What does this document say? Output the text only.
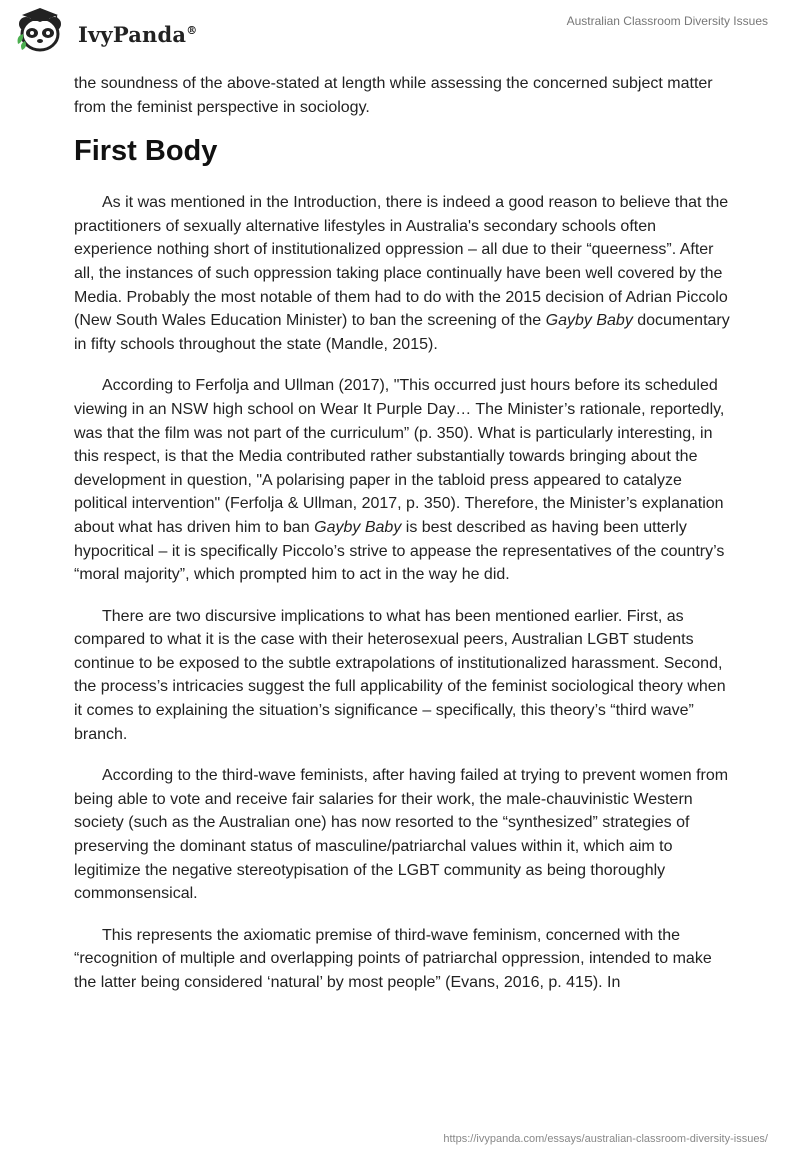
IvyPanda®
Australian Classroom Diversity Issues

the soundness of the above-stated at length while assessing the concerned subject matter from the feminist perspective in sociology.

First Body

As it was mentioned in the Introduction, there is indeed a good reason to believe that the practitioners of sexually alternative lifestyles in Australia's secondary schools often experience nothing short of institutionalized oppression – all due to their “queerness”. After all, the instances of such oppression taking place continually have been well covered by the Media. Probably the most notable of them had to do with the 2015 decision of Adrian Piccolo (New South Wales Education Minister) to ban the screening of the Gayby Baby documentary in fifty schools throughout the state (Mandle, 2015).

According to Ferfolja and Ullman (2017), "This occurred just hours before its scheduled viewing in an NSW high school on Wear It Purple Day… The Minister’s rationale, reportedly, was that the film was not part of the curriculum” (p. 350). What is particularly interesting, in this respect, is that the Media contributed rather substantially towards bringing about the development in question, "A polarising paper in the tabloid press appeared to catalyze political intervention" (Ferfolja & Ullman, 2017, p. 350). Therefore, the Minister’s explanation about what has driven him to ban Gayby Baby is best described as having been utterly hypocritical – it is specifically Piccolo’s strive to appease the representatives of the country’s “moral majority”, which prompted him to act in the way he did.

There are two discursive implications to what has been mentioned earlier. First, as compared to what it is the case with their heterosexual peers, Australian LGBT students continue to be exposed to the subtle extrapolations of institutionalized harassment. Second, the process’s intricacies suggest the full applicability of the feminist sociological theory when it comes to explaining the situation’s significance – specifically, this theory’s “third wave” branch.

According to the third-wave feminists, after having failed at trying to prevent women from being able to vote and receive fair salaries for their work, the male-chauvinistic Western society (such as the Australian one) has now resorted to the “synthesized” strategies of preserving the dominant status of masculine/patriarchal values within it, which aim to legitimize the negative stereotypisation of the LGBT community as being thoroughly commonsensical.

This represents the axiomatic premise of third-wave feminism, concerned with the “recognition of multiple and overlapping points of patriarchal oppression, intended to make the latter being considered ‘natural’ by most people” (Evans, 2016, p. 415). In

https://ivypanda.com/essays/australian-classroom-diversity-issues/
